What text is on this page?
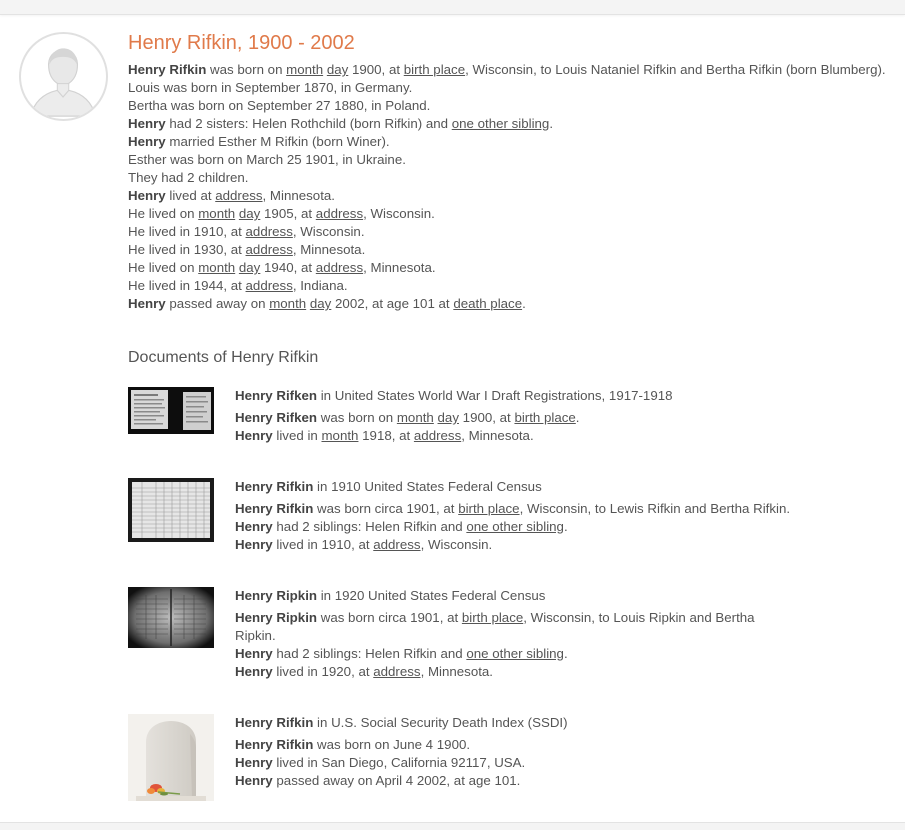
Henry Rifkin, 1900 - 2002
Henry Rifkin was born on month day 1900, at birth place, Wisconsin, to Louis Nataniel Rifkin and Bertha Rifkin (born Blumberg).
Louis was born in September 1870, in Germany.
Bertha was born on September 27 1880, in Poland.
Henry had 2 sisters: Helen Rothchild (born Rifkin) and one other sibling.
Henry married Esther M Rifkin (born Winer).
Esther was born on March 25 1901, in Ukraine.
They had 2 children.
Henry lived at address, Minnesota.
He lived on month day 1905, at address, Wisconsin.
He lived in 1910, at address, Wisconsin.
He lived in 1930, at address, Minnesota.
He lived on month day 1940, at address, Minnesota.
He lived in 1944, at address, Indiana.
Henry passed away on month day 2002, at age 101 at death place.
Documents of Henry Rifkin
Henry Rifken in United States World War I Draft Registrations, 1917-1918
Henry Rifken was born on month day 1900, at birth place.
Henry lived in month 1918, at address, Minnesota.
Henry Rifkin in 1910 United States Federal Census
Henry Rifkin was born circa 1901, at birth place, Wisconsin, to Lewis Rifkin and Bertha Rifkin.
Henry had 2 siblings: Helen Rifkin and one other sibling.
Henry lived in 1910, at address, Wisconsin.
Henry Ripkin in 1920 United States Federal Census
Henry Ripkin was born circa 1901, at birth place, Wisconsin, to Louis Ripkin and Bertha Ripkin.
Henry had 2 siblings: Helen Rifkin and one other sibling.
Henry lived in 1920, at address, Minnesota.
Henry Rifkin in U.S. Social Security Death Index (SSDI)
Henry Rifkin was born on June 4 1900.
Henry lived in San Diego, California 92117, USA.
Henry passed away on April 4 2002, at age 101.
